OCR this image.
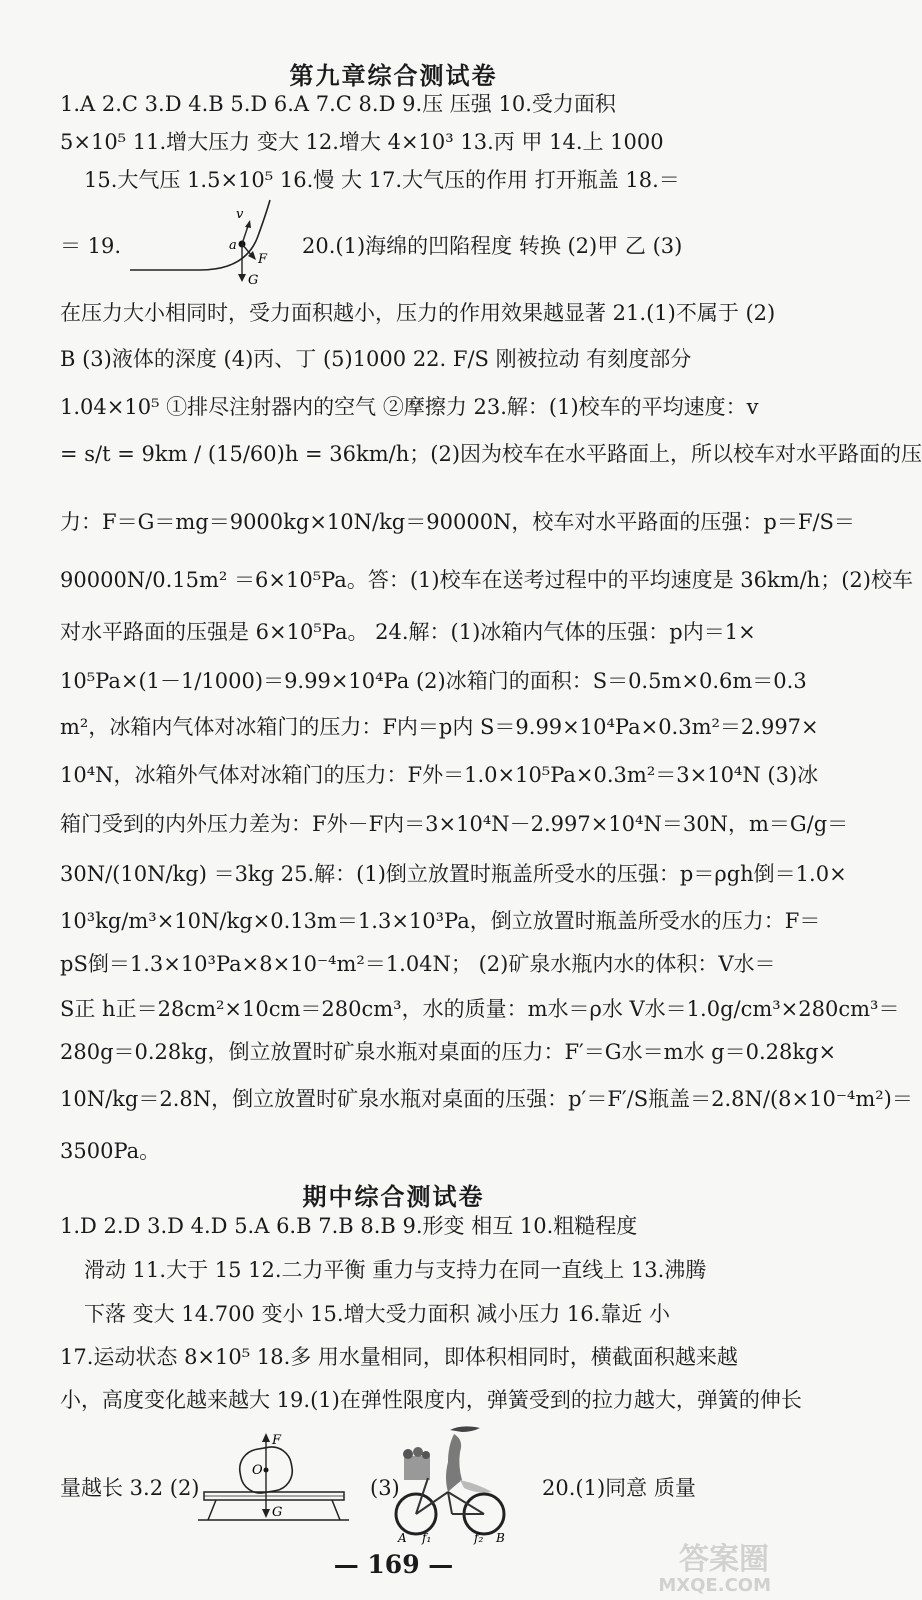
第九章综合测试卷
1.A 2.C 3.D 4.B 5.D 6.A 7.C 8.D 9.压 压强 10.受力面积
5×10⁵ 11.增大压力 变大 12.增大 4×10³ 13.丙 甲 14.上 1000
15.大气压 1.5×10⁵ 16.慢 大 17.大气压的作用 打开瓶盖 18.＝
＝ 19.
v
a
F
G
20.(1)海绵的凹陷程度 转换 (2)甲 乙 (3)
在压力大小相同时，受力面积越小，压力的作用效果越显著 21.(1)不属于 (2)
B (3)液体的深度 (4)丙、丁 (5)1000 22. F/S 刚被拉动 有刻度部分
1.04×10⁵ ①排尽注射器内的空气 ②摩擦力 23.解：(1)校车的平均速度：v
= s/t = 9km / (15/60)h = 36km/h；(2)因为校车在水平路面上，所以校车对水平路面的压
力：F＝G＝mg＝9000kg×10N/kg＝90000N，校车对水平路面的压强：p＝F/S＝
90000N/0.15m² ＝6×10⁵Pa。答：(1)校车在送考过程中的平均速度是 36km/h；(2)校车
对水平路面的压强是 6×10⁵Pa。 24.解：(1)冰箱内气体的压强：p内＝1×
10⁵Pa×(1－1/1000)＝9.99×10⁴Pa (2)冰箱门的面积：S＝0.5m×0.6m＝0.3
m²，冰箱内气体对冰箱门的压力：F内＝p内 S＝9.99×10⁴Pa×0.3m²＝2.997×
10⁴N，冰箱外气体对冰箱门的压力：F外＝1.0×10⁵Pa×0.3m²＝3×10⁴N (3)冰
箱门受到的内外压力差为：F外－F内＝3×10⁴N－2.997×10⁴N＝30N，m＝G/g＝
30N/(10N/kg) ＝3kg 25.解：(1)倒立放置时瓶盖所受水的压强：p＝ρgh倒＝1.0×
10³kg/m³×10N/kg×0.13m＝1.3×10³Pa，倒立放置时瓶盖所受水的压力：F＝
pS倒＝1.3×10³Pa×8×10⁻⁴m²＝1.04N； (2)矿泉水瓶内水的体积：V水＝
S正 h正＝28cm²×10cm＝280cm³，水的质量：m水＝ρ水 V水＝1.0g/cm³×280cm³＝
280g＝0.28kg，倒立放置时矿泉水瓶对桌面的压力：F′＝G水＝m水 g＝0.28kg×
10N/kg＝2.8N，倒立放置时矿泉水瓶对桌面的压强：p′＝F′/S瓶盖＝2.8N/(8×10⁻⁴m²)＝
3500Pa。
期中综合测试卷
1.D 2.D 3.D 4.D 5.A 6.B 7.B 8.B 9.形变 相互 10.粗糙程度
滑动 11.大于 15 12.二力平衡 重力与支持力在同一直线上 13.沸腾
下落 变大 14.700 变小 15.增大受力面积 减小压力 16.靠近 小
17.运动状态 8×10⁵ 18.多 用水量相同，即体积相同时，横截面积越来越
小，高度变化越来越大 19.(1)在弹性限度内，弹簧受到的拉力越大，弹簧的伸长
量越长 3.2 (2)
F
O
G
(3)
A f₁	f₂ B
20.(1)同意 质量
— 169 —	答案圈
MXQE.COM
